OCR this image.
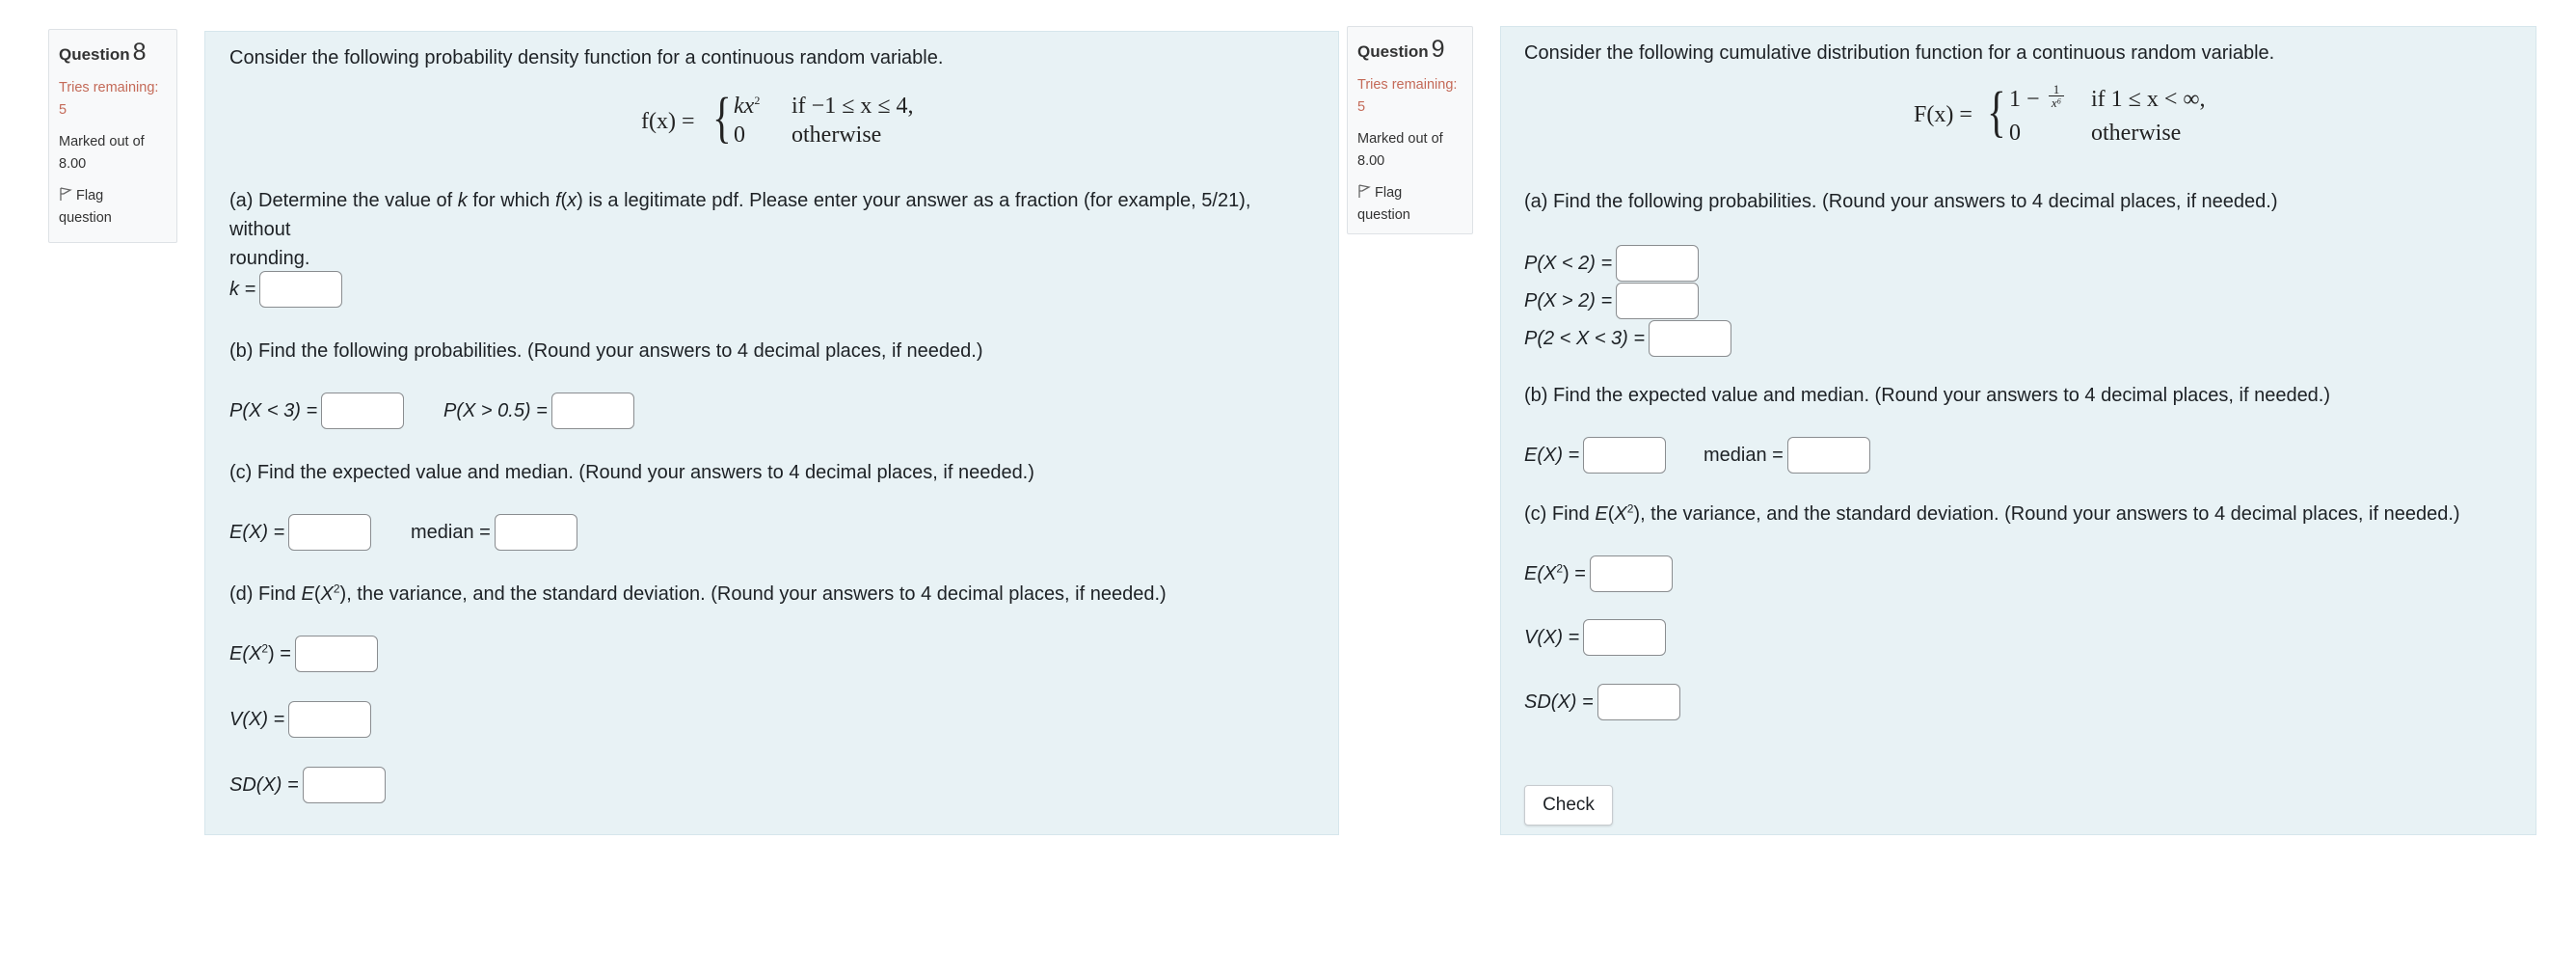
Question 8
Tries remaining:
5
Marked out of
8.00
Flag
question

Consider the following probability density function for a continuous random variable.

f(x) = { $kx^2$ if −1 ≤ x ≤ 4,
0 otherwise

(a) Determine the value of k for which f(x) is a legitimate pdf. Please enter your answer as a fraction (for example, 5/21), without
rounding.

k =

(b) Find the following probabilities. (Round your answers to 4 decimal places, if needed.)

P(X < 3) =	P(X > 0.5) =

(c) Find the expected value and median. (Round your answers to 4 decimal places, if needed.)

E(X) =	median =

(d) Find $E(X^2)$, the variance, and the standard deviation. (Round your answers to 4 decimal places, if needed.)

$E(X^2)$ =
V(X) =
SD(X) =
Question 9
Tries remaining:
5
Marked out of
8.00
Flag
question

Consider the following cumulative distribution function for a continuous random variable.

F(x) = { $1 - \frac{1}{\text{x⁶}}$ if 1 ≤ x < ∞,
0	otherwise

(a) Find the following probabilities. (Round your answers to 4 decimal places, if needed.)

P(X < 2) =
P(X > 2) =
P(2 < X < 3) =

(b) Find the expected value and median. (Round your answers to 4 decimal places, if needed.)

E(X) =	median =

(c) Find $E(X^2)$, the variance, and the standard deviation. (Round your answers to 4 decimal places, if needed.)

$E(X^2)$ =
V(X) =
SD(X) =
Check
